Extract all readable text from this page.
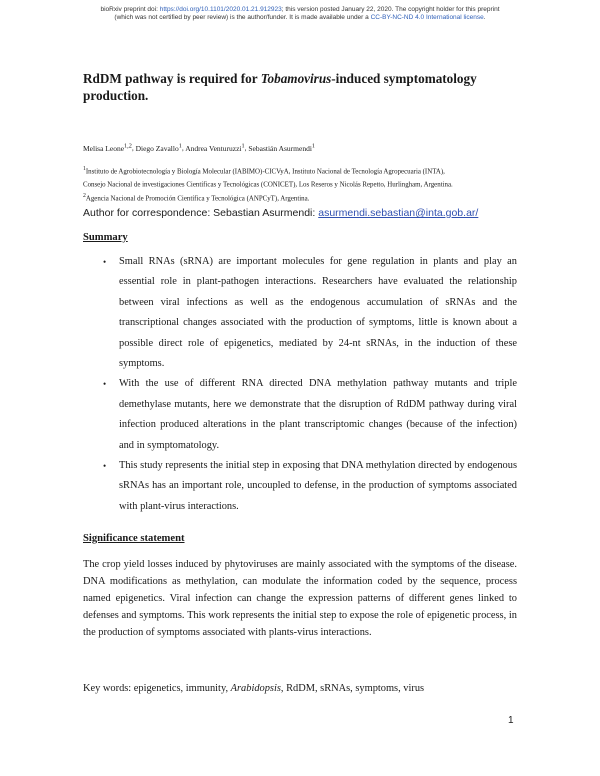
bioRxiv preprint doi: https://doi.org/10.1101/2020.01.21.912923; this version posted January 22, 2020. The copyright holder for this preprint
(which was not certified by peer review) is the author/funder. It is made available under a CC-BY-NC-ND 4.0 International license.
RdDM pathway is required for Tobamovirus-induced symptomatology production.
Melisa Leone$^{1,2}$, Diego Zavallo$^1$, Andrea Venturuzzi$^1$, Sebastián Asurmendi$^1$
$^1$Instituto de Agrobiotecnología y Biología Molecular (IABIMO)-CICVyA, Instituto Nacional de Tecnología Agropecuaria (INTA),
Consejo Nacional de investigaciones Científicas y Tecnológicas (CONICET), Los Reseros y Nicolás Repetto, Hurlingham, Argentina.
$^2$Agencia Nacional de Promoción Científica y Tecnológica (ANPCyT), Argentina.
Author for correspondence: Sebastian Asurmendi: asurmendi.sebastian@inta.gob.ar/
Summary
• Small RNAs (sRNA) are important molecules for gene regulation in plants and play an essential role in plant-pathogen interactions. Researchers have evaluated the relationship between viral infections as well as the endogenous accumulation of sRNAs and the transcriptional changes associated with the production of symptoms, little is known about a possible direct role of epigenetics, mediated by 24-nt sRNAs, in the induction of these symptoms.
• With the use of different RNA directed DNA methylation pathway mutants and triple demethylase mutants, here we demonstrate that the disruption of RdDM pathway during viral infection produced alterations in the plant transcriptomic changes (because of the infection) and in symptomatology.
• This study represents the initial step in exposing that DNA methylation directed by endogenous sRNAs has an important role, uncoupled to defense, in the production of symptoms associated with plant-virus interactions.
Significance statement

The crop yield losses induced by phytoviruses are mainly associated with the symptoms of the disease. DNA modifications as methylation, can modulate the information coded by the sequence, process named epigenetics. Viral infection can change the expression patterns of different genes linked to defenses and symptoms. This work represents the initial step to expose the role of epigenetic process, in the production of symptoms associated with plants-virus interactions.

Key words: epigenetics, immunity, Arabidopsis, RdDM, sRNAs, symptoms, virus

1
